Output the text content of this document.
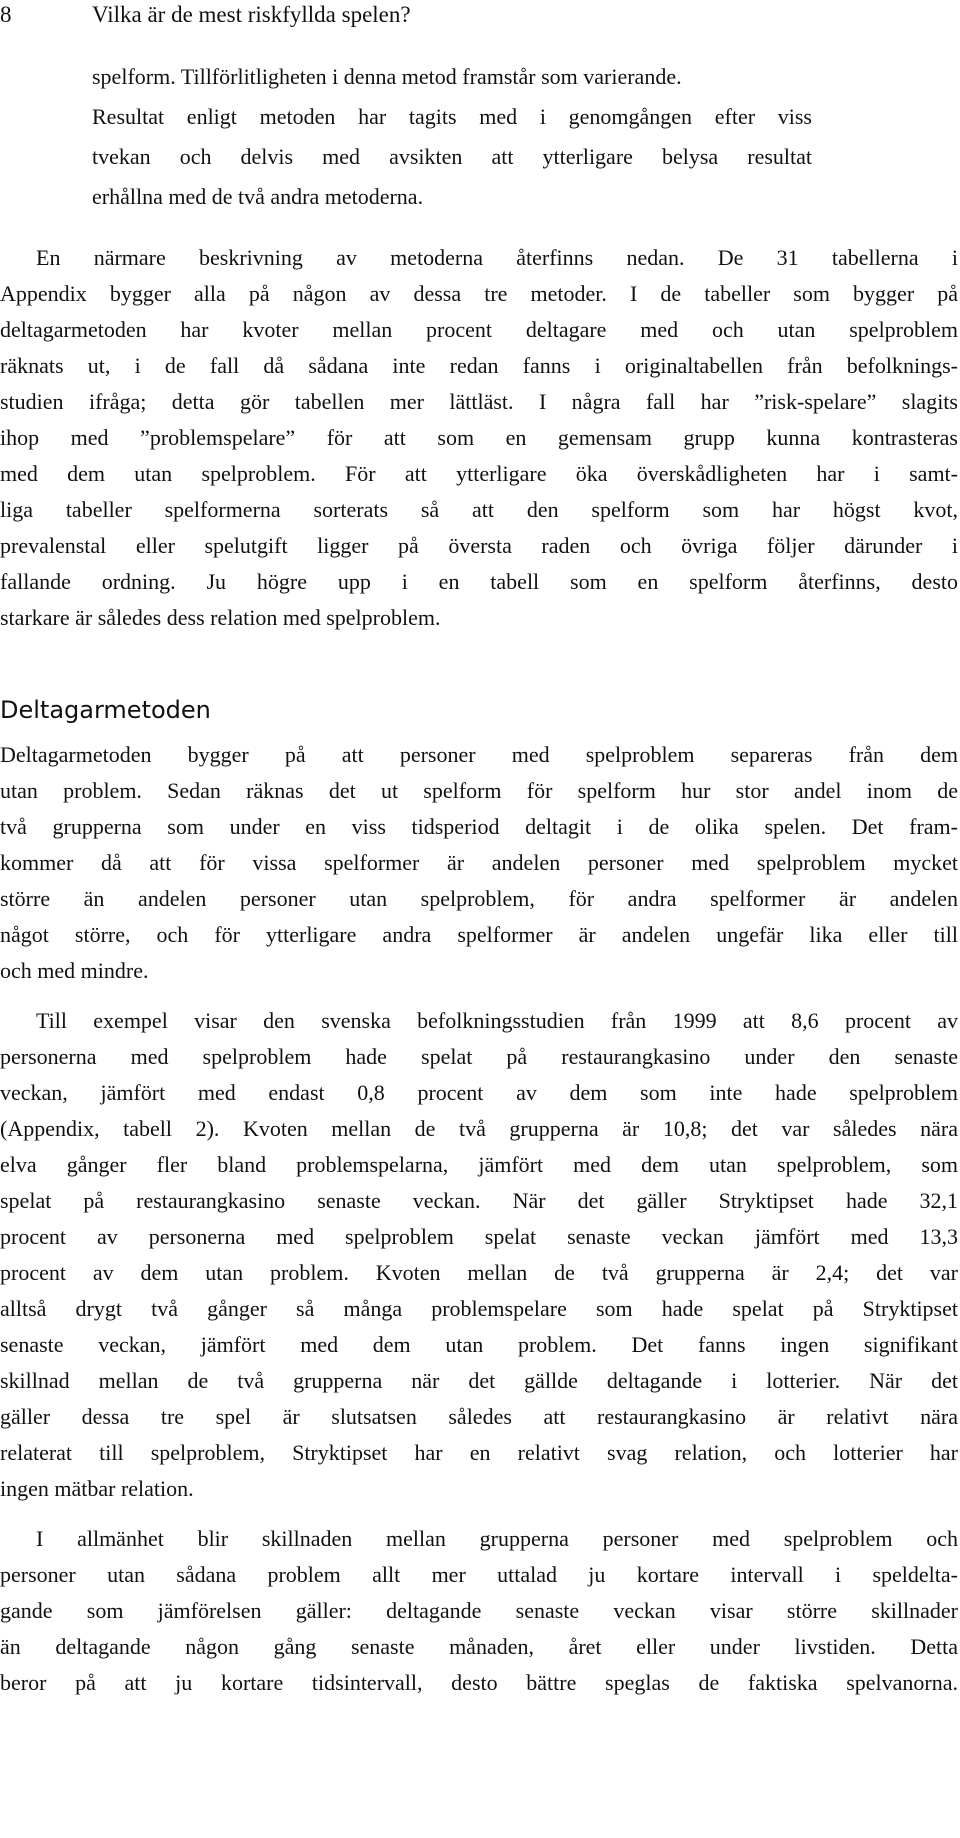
8	Vilka är de mest riskfyllda spelen?
spelform. Tillförlitligheten i denna metod framstår som varierande.
Resultat enligt metoden har tagits med i genomgången efter viss
tvekan och delvis med avsikten att ytterligare belysa resultat
erhållna med de två andra metoderna.
En närmare beskrivning av metoderna återfinns nedan. De 31 tabellerna i
Appendix bygger alla på någon av dessa tre metoder. I de tabeller som bygger på
deltagarmetoden har kvoter mellan procent deltagare med och utan spelproblem
räknats ut, i de fall då sådana inte redan fanns i originaltabellen från befolknings-
studien ifråga; detta gör tabellen mer lättläst. I några fall har ”risk-spelare” slagits
ihop med ”problemspelare” för att som en gemensam grupp kunna kontrasteras
med dem utan spelproblem. För att ytterligare öka överskådligheten har i samt-
liga tabeller spelformerna sorterats så att den spelform som har högst kvot,
prevalenstal eller spelutgift ligger på översta raden och övriga följer därunder i
fallande ordning. Ju högre upp i en tabell som en spelform återfinns, desto
starkare är således dess relation med spelproblem.
Deltagarmetoden
Deltagarmetoden bygger på att personer med spelproblem separeras från dem
utan problem. Sedan räknas det ut spelform för spelform hur stor andel inom de
två grupperna som under en viss tidsperiod deltagit i de olika spelen. Det fram-
kommer då att för vissa spelformer är andelen personer med spelproblem mycket
större än andelen personer utan spelproblem, för andra spelformer är andelen
något större, och för ytterligare andra spelformer är andelen ungefär lika eller till
och med mindre.
Till exempel visar den svenska befolkningsstudien från 1999 att 8,6 procent av
personerna med spelproblem hade spelat på restaurangkasino under den senaste
veckan, jämfört med endast 0,8 procent av dem som inte hade spelproblem
(Appendix, tabell 2). Kvoten mellan de två grupperna är 10,8; det var således nära
elva gånger fler bland problemspelarna, jämfört med dem utan spelproblem, som
spelat på restaurangkasino senaste veckan. När det gäller Stryktipset hade 32,1
procent av personerna med spelproblem spelat senaste veckan jämfört med 13,3
procent av dem utan problem. Kvoten mellan de två grupperna är 2,4; det var
alltså drygt två gånger så många problemspelare som hade spelat på Stryktipset
senaste veckan, jämfört med dem utan problem. Det fanns ingen signifikant
skillnad mellan de två grupperna när det gällde deltagande i lotterier. När det
gäller dessa tre spel är slutsatsen således att restaurangkasino är relativt nära
relaterat till spelproblem, Stryktipset har en relativt svag relation, och lotterier har
ingen mätbar relation.
I allmänhet blir skillnaden mellan grupperna personer med spelproblem och
personer utan sådana problem allt mer uttalad ju kortare intervall i speldelta-
gande som jämförelsen gäller: deltagande senaste veckan visar större skillnader
än deltagande någon gång senaste månaden, året eller under livstiden. Detta
beror på att ju kortare tidsintervall, desto bättre speglas de faktiska spelvanorna.
